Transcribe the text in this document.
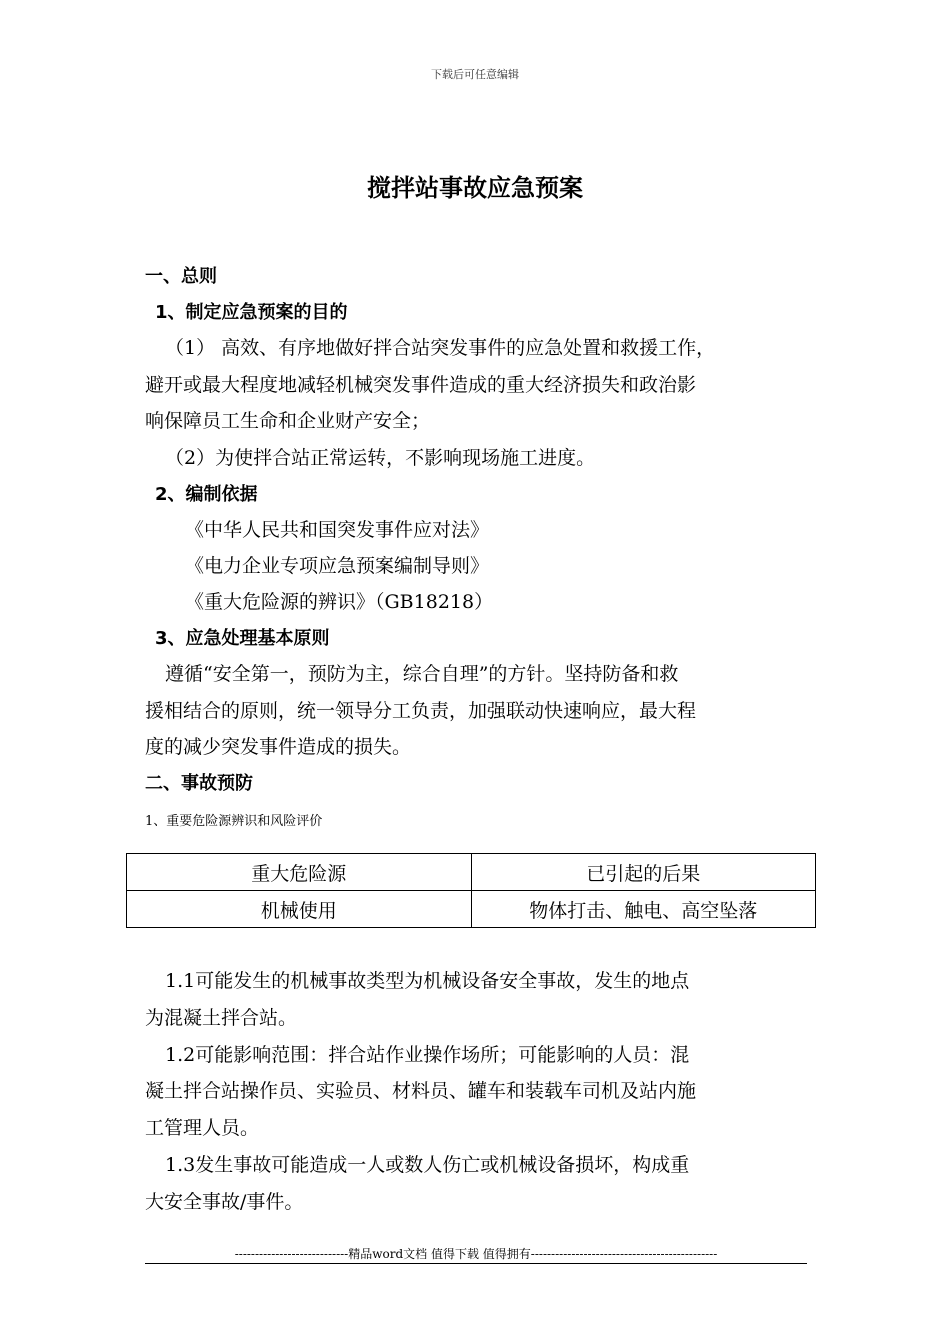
下载后可任意编辑
搅拌站事故应急预案
一、总则
1、制定应急预案的目的
（1） 高效、有序地做好拌合站突发事件的应急处置和救援工作，
避开或最大程度地减轻机械突发事件造成的重大经济损失和政治影
响保障员工生命和企业财产安全；
（2）为使拌合站正常运转，不影响现场施工进度。
2、编制依据
《中华人民共和国突发事件应对法》
《电力企业专项应急预案编制导则》
《重大危险源的辨识》（GB18218）
3、应急处理基本原则
遵循“安全第一，预防为主，综合自理”的方针。坚持防备和救
援相结合的原则，统一领导分工负责，加强联动快速响应，最大程
度的减少突发事件造成的损失。
二、事故预防
1、重要危险源辨识和风险评价
重大危险源	已引起的后果
机械使用	物体打击、触电、高空坠落
1.1可能发生的机械事故类型为机械设备安全事故，发生的地点
为混凝土拌合站。
1.2可能影响范围：拌合站作业操作场所；可能影响的人员：混
凝土拌合站操作员、实验员、材料员、罐车和装载车司机及站内施
工管理人员。
1.3发生事故可能造成一人或数人伤亡或机械设备损坏，构成重
大安全事故/事件。
----------------------------精品word文档 值得下载 值得拥有----------------------------------------------
